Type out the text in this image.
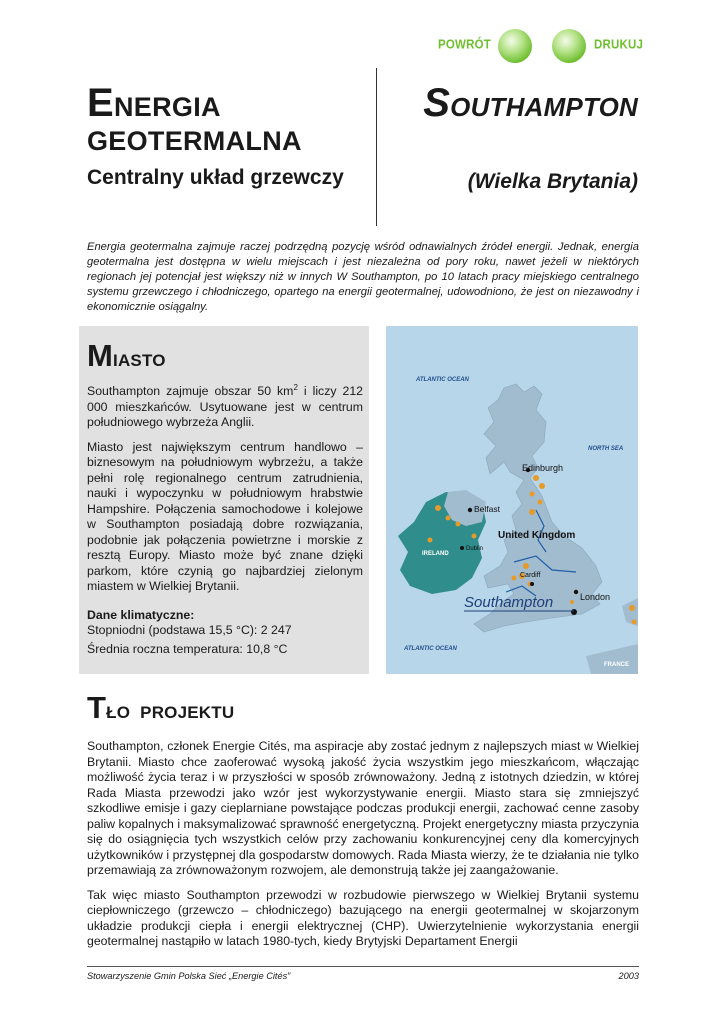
POWRÓT	DRUKUJ
ENERGIA
GEOTERMALNA
Centralny układ grzewczy
SOUTHAMPTON
(Wielka Brytania)

Energia geotermalna zajmuje raczej podrzędną pozycję wśród odnawialnych źródeł energii. Jednak, energia geotermalna jest dostępna w wielu miejscach i jest niezależna od pory roku, nawet jeżeli w niektórych regionach jej potencjał jest większy niż w innych W Southampton, po 10 latach pracy miejskiego centralnego systemu grzewczego i chłodniczego, opartego na energii geotermalnej, udowodniono, że jest on niezawodny i ekonomicznie osiągalny.

MIASTO

Southampton zajmuje obszar 50 $km^2$ i liczy 212 000 mieszkańców. Usytuowane jest w centrum południowego wybrzeża Anglii.

Miasto jest największym centrum handlowo – biznesowym na południowym wybrzeżu, a także pełni rolę regionalnego centrum zatrudnienia, nauki i wypoczynku w południowym hrabstwie Hampshire. Połączenia samochodowe i kolejowe w Southampton posiadają dobre rozwiązania, podobnie jak połączenia powietrzne i morskie z resztą Europy. Miasto może być znane dzięki parkom, które czynią go najbardziej zielonym miastem w Wielkiej Brytanii.

Dane klimatyczne:
Stopniodni (podstawa 15,5 °C): 2 247
Średnia roczna temperatura: 10,8 °C
ATLANTIC OCEAN
NORTH SEA
Edinburgh
Belfast
United Kingdom
IRELAND
Dublin
Cardiff
London
Southampton
ATLANTIC OCEAN
FRANCE
TŁO PROJEKTU

Southampton, członek Energie Cités, ma aspiracje aby zostać jednym z najlepszych miast w Wielkiej Brytanii. Miasto chce zaoferować wysoką jakość życia wszystkim jego mieszkańcom, włączając możliwość życia teraz i w przyszłości w sposób zrównoważony. Jedną z istotnych dziedzin, w której Rada Miasta przewodzi jako wzór jest wykorzystywanie energii. Miasto stara się zmniejszyć szkodliwe emisje i gazy cieplarniane powstające podczas produkcji energii, zachować cenne zasoby paliw kopalnych i maksymalizować sprawność energetyczną. Projekt energetyczny miasta przyczynia się do osiągnięcia tych wszystkich celów przy zachowaniu konkurencyjnej ceny dla komercyjnych użytkowników i przystępnej dla gospodarstw domowych. Rada Miasta wierzy, że te działania nie tylko przemawiają za zrównoważonym rozwojem, ale demonstrują także jej zaangażowanie.

Tak więc miasto Southampton przewodzi w rozbudowie pierwszego w Wielkiej Brytanii systemu ciepłowniczego (grzewczo – chłodniczego) bazującego na energii geotermalnej w skojarzonym układzie produkcji ciepła i energii elektrycznej (CHP). Uwierzytelnienie wykorzystania energii geotermalnej nastąpiło w latach 1980-tych, kiedy Brytyjski Departament Energii

Stowarzyszenie Gmin Polska Sieć „Energie Cités”	2003
